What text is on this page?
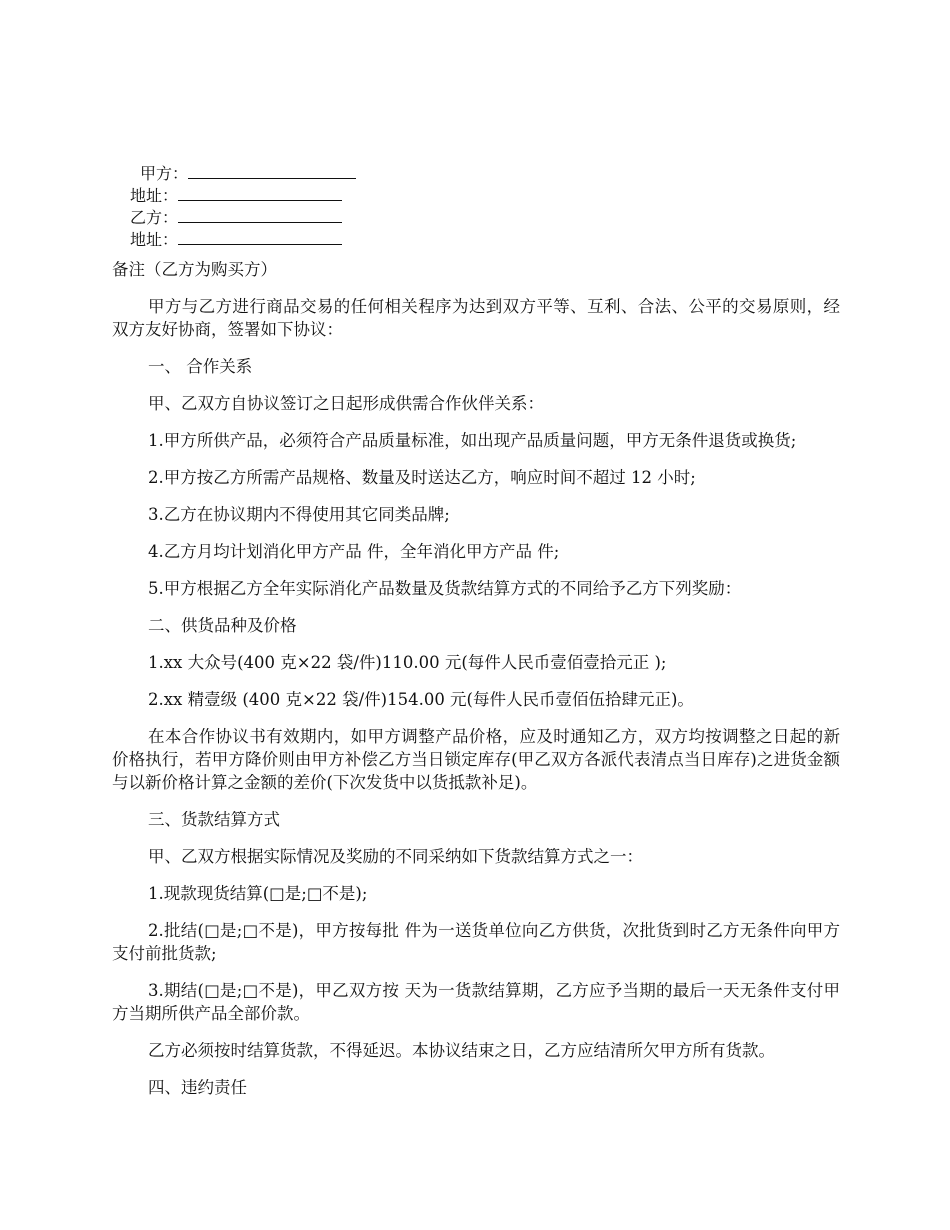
甲方：
地址：
乙方：
地址：

备注（乙方为购买方）

甲方与乙方进行商品交易的任何相关程序为达到双方平等、互利、合法、公平的交易原则，经双方友好协商，签署如下协议：

一、 合作关系

甲、乙双方自协议签订之日起形成供需合作伙伴关系：

1.甲方所供产品，必须符合产品质量标准，如出现产品质量问题，甲方无条件退货或换货;

2.甲方按乙方所需产品规格、数量及时送达乙方，响应时间不超过 12 小时;

3.乙方在协议期内不得使用其它同类品牌;

4.乙方月均计划消化甲方产品 件，全年消化甲方产品 件;

5.甲方根据乙方全年实际消化产品数量及货款结算方式的不同给予乙方下列奖励：

二、供货品种及价格

1.xx 大众号(400 克×22 袋/件)110.00 元(每件人民币壹佰壹拾元正 );

2.xx 精壹级 (400 克×22 袋/件)154.00 元(每件人民币壹佰伍拾肆元正)。

在本合作协议书有效期内，如甲方调整产品价格，应及时通知乙方，双方均按调整之日起的新价格执行，若甲方降价则由甲方补偿乙方当日锁定库存(甲乙双方各派代表清点当日库存)之进货金额与以新价格计算之金额的差价(下次发货中以货抵款补足)。

三、货款结算方式

甲、乙双方根据实际情况及奖励的不同采纳如下货款结算方式之一：

1.现款现货结算(□是;□不是);

2.批结(□是;□不是)，甲方按每批 件为一送货单位向乙方供货，次批货到时乙方无条件向甲方支付前批货款;

3.期结(□是;□不是)，甲乙双方按 天为一货款结算期，乙方应予当期的最后一天无条件支付甲方当期所供产品全部价款。

乙方必须按时结算货款，不得延迟。本协议结束之日，乙方应结清所欠甲方所有货款。

四、违约责任
